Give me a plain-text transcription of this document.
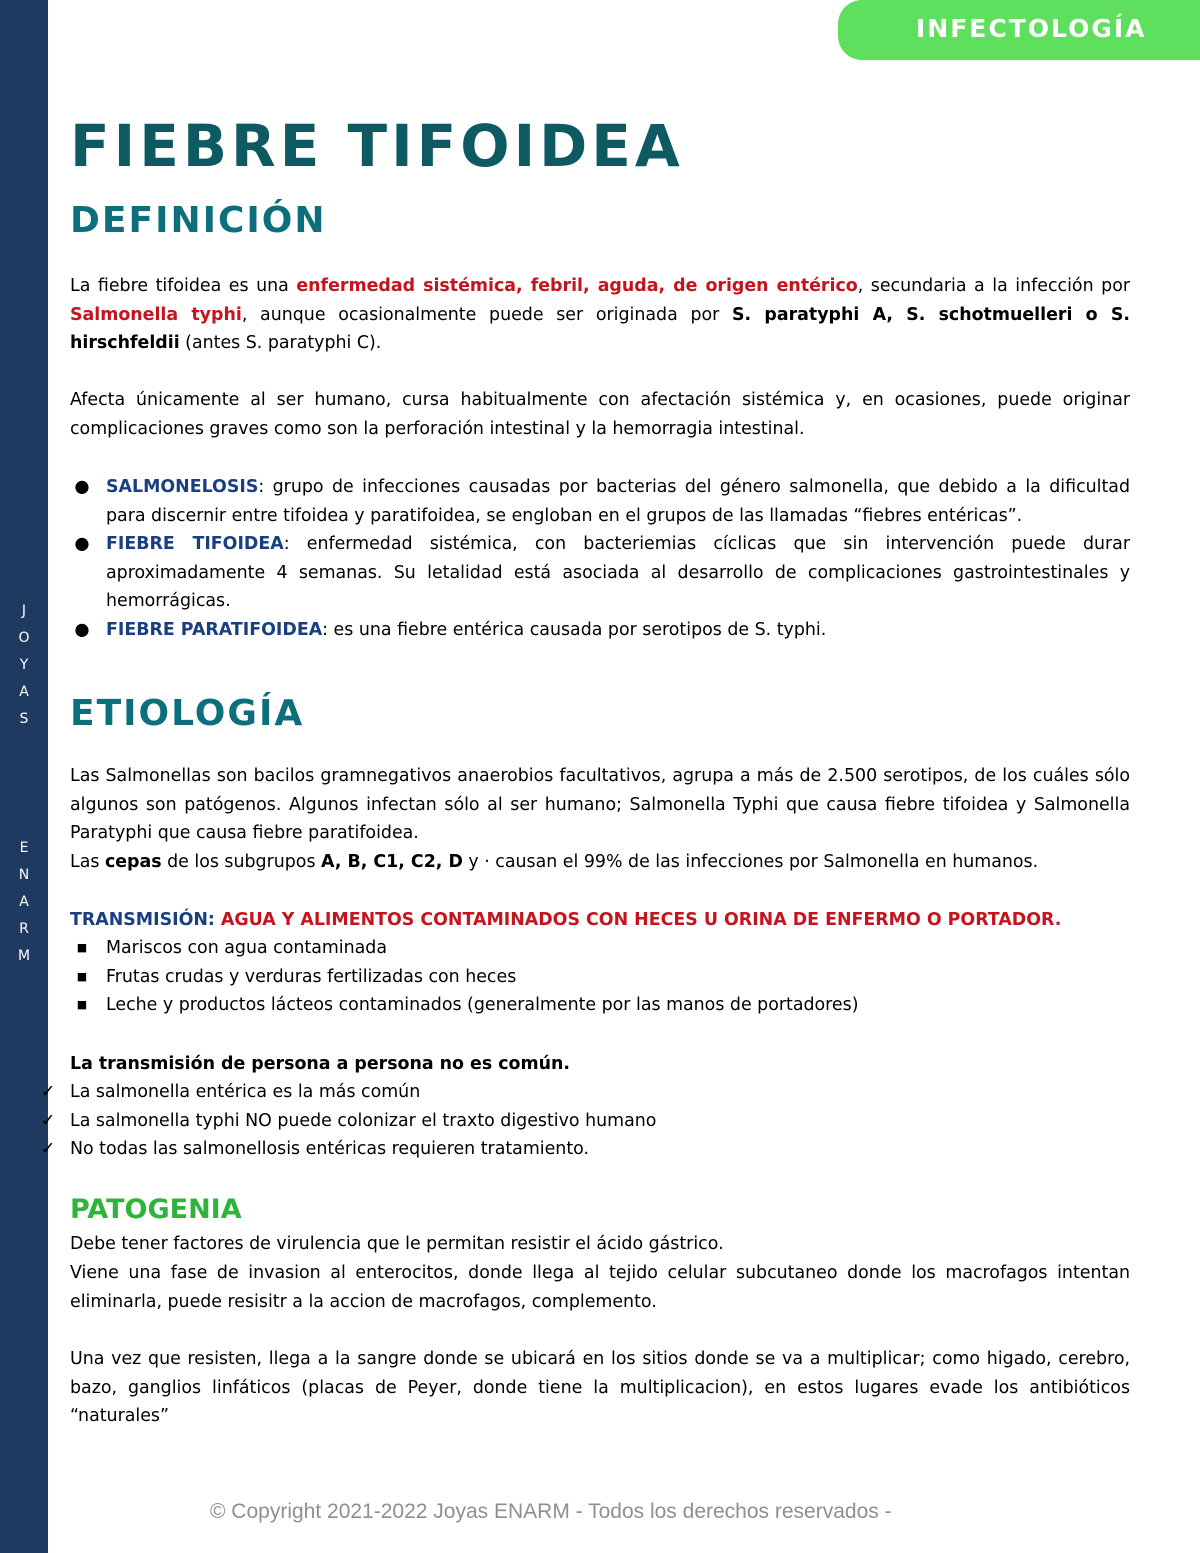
J
O
Y
A
S
E
N
A
R
M
INFECTOLOGÍA
FIEBRE TIFOIDEA
DEFINICIÓN

La fiebre tifoidea es una enfermedad sistémica, febril, aguda, de origen entérico, secundaria a la infección por Salmonella typhi, aunque ocasionalmente puede ser originada por S. paratyphi A, S. schotmuelleri o S. hirschfeldii (antes S. paratyphi C).

Afecta únicamente al ser humano, cursa habitualmente con afectación sistémica y, en ocasiones, puede originar complicaciones graves como son la perforación intestinal y la hemorragia intestinal.

● SALMONELOSIS: grupo de infecciones causadas por bacterias del género salmonella, que debido a la dificultad para discernir entre tifoidea y paratifoidea, se engloban en el grupos de las llamadas “fiebres entéricas”.
● FIEBRE TIFOIDEA: enfermedad sistémica, con bacteriemias cíclicas que sin intervención puede durar aproximadamente 4 semanas. Su letalidad está asociada al desarrollo de complicaciones gastrointestinales y hemorrágicas.
● FIEBRE PARATIFOIDEA: es una fiebre entérica causada por serotipos de S. typhi.
ETIOLOGÍA

Las Salmonellas son bacilos gramnegativos anaerobios facultativos, agrupa a más de 2.500 serotipos, de los cuáles sólo algunos son patógenos. Algunos infectan sólo al ser humano; Salmonella Typhi que causa fiebre tifoidea y Salmonella Paratyphi que causa fiebre paratifoidea.

Las cepas de los subgrupos A, B, C1, C2, D y · causan el 99% de las infecciones por Salmonella en humanos.

TRANSMISIÓN: AGUA Y ALIMENTOS CONTAMINADOS CON HECES U ORINA DE ENFERMO O PORTADOR.

■	Mariscos con agua contaminada
■	Frutas crudas y verduras fertilizadas con heces
■	Leche y productos lácteos contaminados (generalmente por las manos de portadores)

La transmisión de persona a persona no es común.

✓ La salmonella entérica es la más común
✓ La salmonella typhi NO puede colonizar el traxto digestivo humano
✓ No todas las salmonellosis entéricas requieren tratamiento.
PATOGENIA

Debe tener factores de virulencia que le permitan resistir el ácido gástrico.

Viene una fase de invasion al enterocitos, donde llega al tejido celular subcutaneo donde los macrofagos intentan eliminarla, puede resisitr a la accion de macrofagos, complemento.

Una vez que resisten, llega a la sangre donde se ubicará en los sitios donde se va a multiplicar; como higado, cerebro, bazo, ganglios linfáticos (placas de Peyer, donde tiene la multiplicacion), en estos lugares evade los antibióticos “naturales”

© Copyright 2021-2022 Joyas ENARM - Todos los derechos reservados -
